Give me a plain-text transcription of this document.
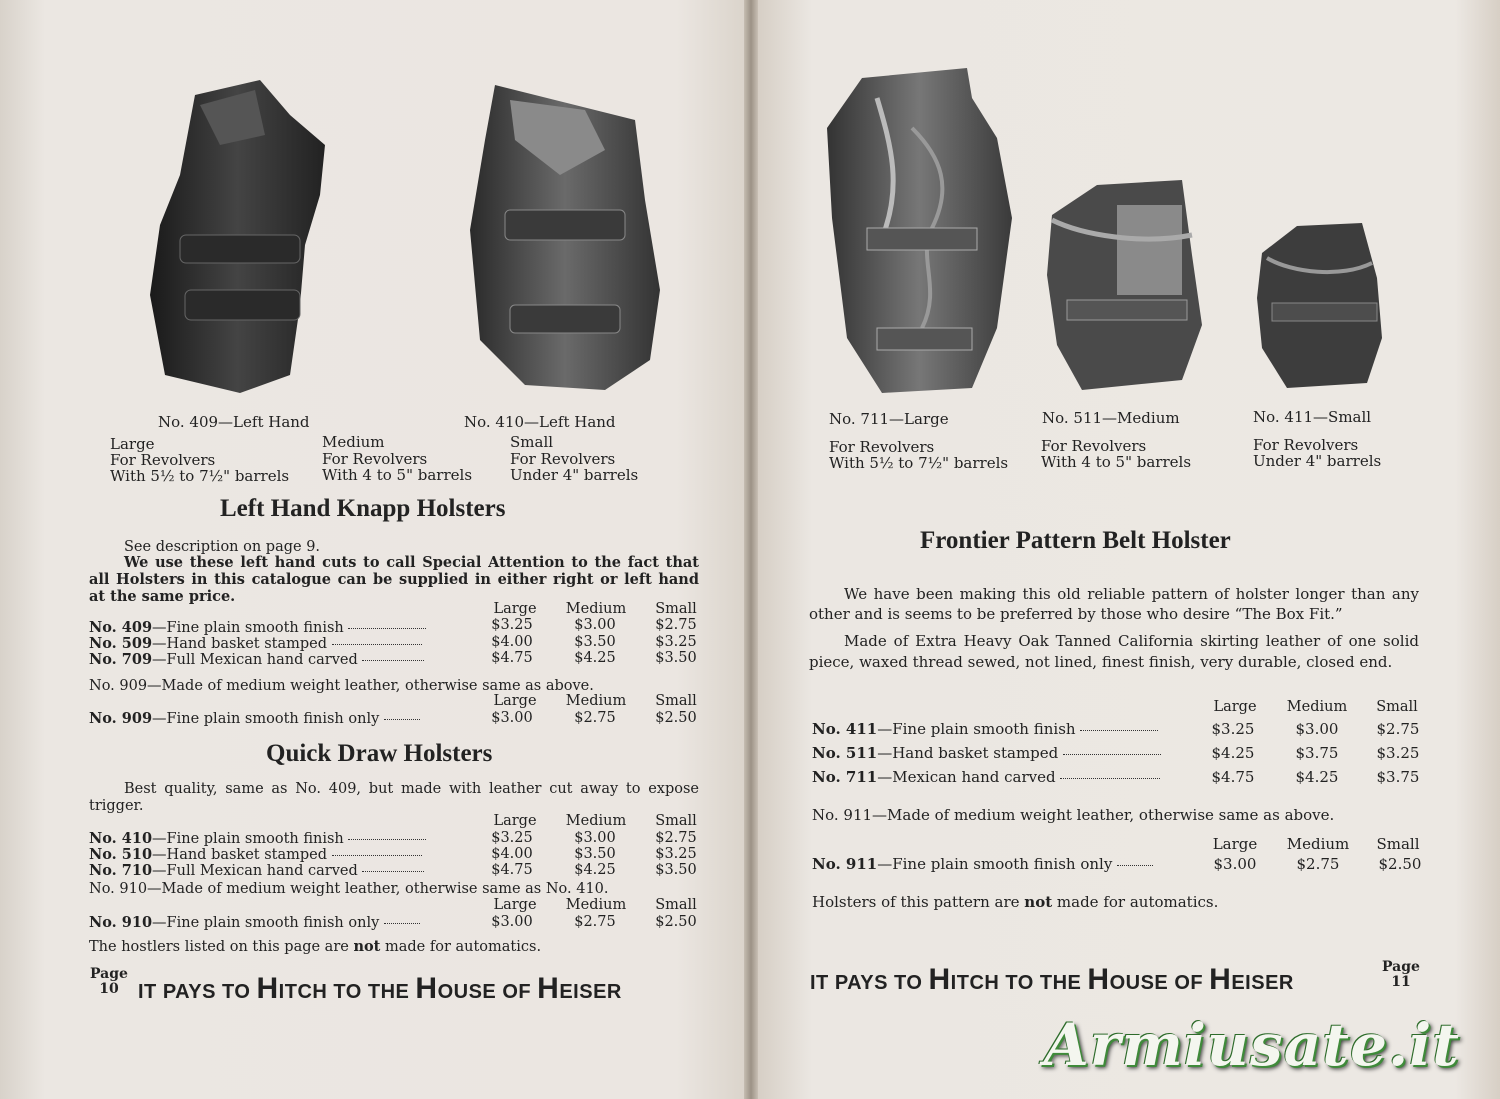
No. 409—Left Hand	No. 410—Left Hand
Large
For Revolvers
With 5½ to 7½" barrels
Medium
For Revolvers
With 4 to 5" barrels
Small
For Revolvers
Under 4" barrels
Left Hand Knapp Holsters
See description on page 9.
We use these left hand cuts to call Special Attention to the fact that all Holsters in this catalogue can be supplied in either right or left hand at the same price.
Large	Medium	Small
No. 409—Fine plain smooth finish	$3.25	$3.00	$2.75
No. 509—Hand basket stamped	$4.00	$3.50	$3.25
No. 709—Full Mexican hand carved	$4.75	$4.25	$3.50
No. 909—Made of medium weight leather, otherwise same as above.
Large	Medium	Small
No. 909—Fine plain smooth finish only	$3.00	$2.75	$2.50
Quick Draw Holsters
Best quality, same as No. 409, but made with leather cut away to expose trigger.
Large	Medium	Small
No. 410—Fine plain smooth finish	$3.25	$3.00	$2.75
No. 510—Hand basket stamped	$4.00	$3.50	$3.25
No. 710—Full Mexican hand carved	$4.75	$4.25	$3.50
No. 910—Made of medium weight leather, otherwise same as No. 410.
Large	Medium	Small
No. 910—Fine plain smooth finish only	$3.00	$2.75	$2.50
The hostlers listed on this page are not made for automatics.
Page
10 IT PAYS TO HITCH TO THE HOUSE OF HEISER
No. 711—Large
For Revolvers
With 5½ to 7½" barrels
No. 511—Medium
For Revolvers
With 4 to 5" barrels
No. 411—Small
For Revolvers
Under 4" barrels
Frontier Pattern Belt Holster
We have been making this old reliable pattern of holster longer than any other and is seems to be preferred by those who desire “The Box Fit.”
Made of Extra Heavy Oak Tanned California skirting leather of one solid piece, waxed thread sewed, not lined, finest finish, very durable, closed end.
Large	Medium	Small
No. 411—Fine plain smooth finish	$3.25	$3.00	$2.75
No. 511—Hand basket stamped	$4.25	$3.75	$3.25
No. 711—Mexican hand carved	$4.75	$4.25	$3.75
No. 911—Made of medium weight leather, otherwise same as above.
Large	Medium	Small
No. 911—Fine plain smooth finish only	$3.00	$2.75	$2.50
Holsters of this pattern are not made for automatics.
IT PAYS TO HITCH TO THE HOUSE OF HEISER
Page
11
Armiusate.it
